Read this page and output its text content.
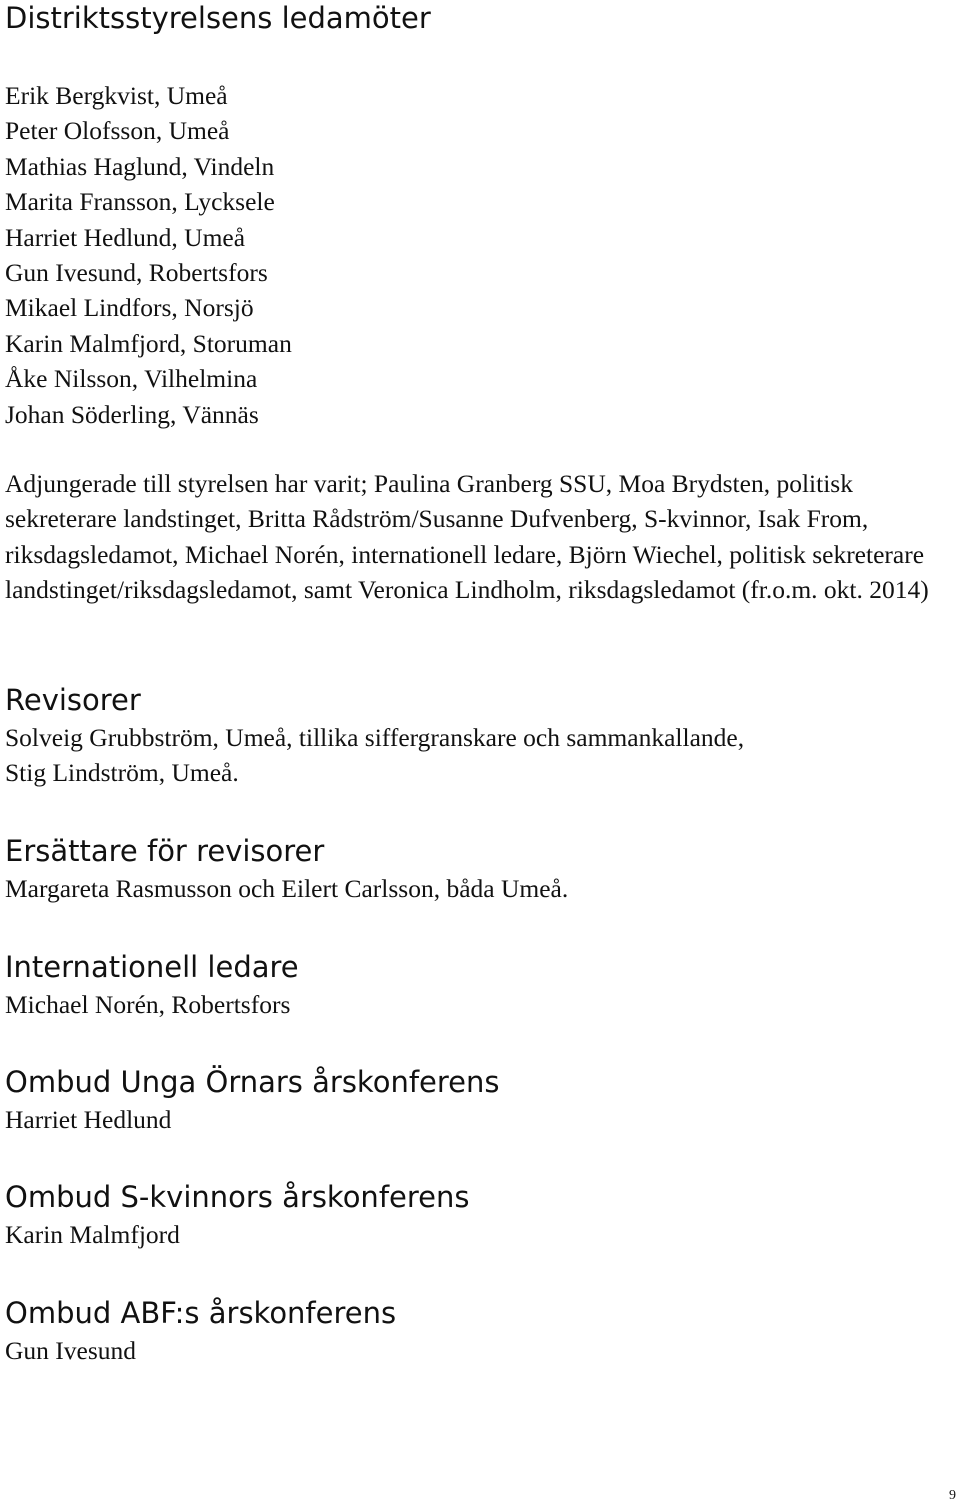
Distriktsstyrelsens ledamöter
Erik Bergkvist, Umeå
Peter Olofsson, Umeå
Mathias Haglund, Vindeln
Marita Fransson, Lycksele
Harriet Hedlund, Umeå
Gun Ivesund, Robertsfors
Mikael Lindfors, Norsjö
Karin Malmfjord, Storuman
Åke Nilsson, Vilhelmina
Johan Söderling, Vännäs

Adjungerade till styrelsen har varit; Paulina Granberg SSU, Moa Brydsten, politisk sekreterare landstinget, Britta Rådström/Susanne Dufvenberg, S-kvinnor, Isak From, riksdagsledamot, Michael Norén, internationell ledare, Björn Wiechel, politisk sekreterare landstinget/riksdagsledamot, samt Veronica Lindholm, riksdagsledamot (fr.o.m. okt. 2014)

Revisorer

Solveig Grubbström, Umeå, tillika siffergranskare och sammankallande,

Stig Lindström, Umeå.

Ersättare för revisorer

Margareta Rasmusson och Eilert Carlsson, båda Umeå.

Internationell ledare

Michael Norén, Robertsfors

Ombud Unga Örnars årskonferens

Harriet Hedlund

Ombud S-kvinnors årskonferens

Karin Malmfjord

Ombud ABF:s årskonferens

Gun Ivesund

9
